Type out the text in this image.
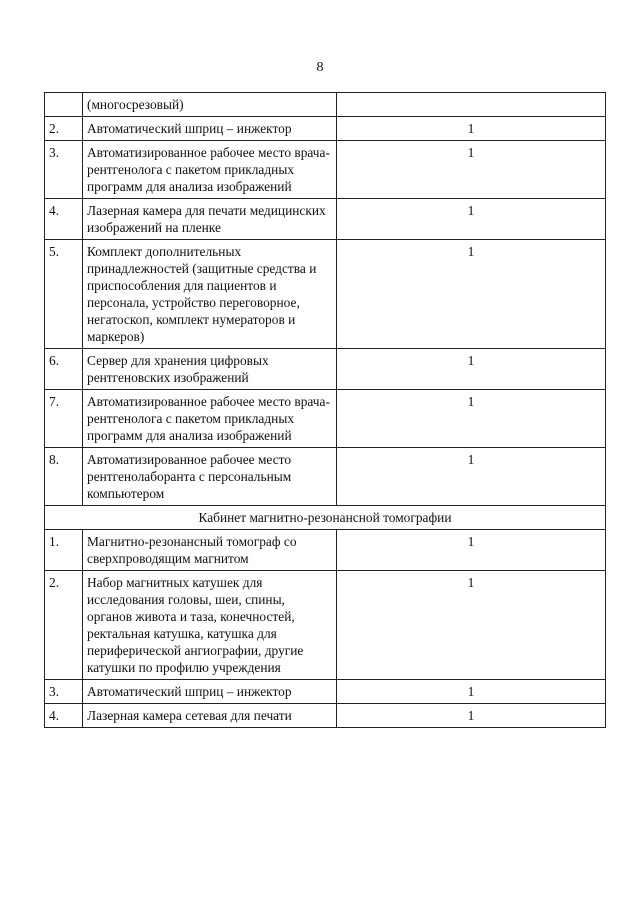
8
	(многосрезовый)	
2.	Автоматический шприц – инжектор	1
3.	Автоматизированное рабочее место врача-рентгенолога с пакетом прикладных программ для анализа изображений	1
4.	Лазерная камера для печати медицинских изображений на пленке	1
5.	Комплект дополнительных принадлежностей (защитные средства и приспособления для пациентов и персонала, устройство переговорное, негатоскоп, комплект нумераторов и маркеров)	1
6.	Сервер для хранения цифровых рентгеновских изображений	1
7.	Автоматизированное рабочее место врача-рентгенолога с пакетом прикладных программ для анализа изображений	1
8.	Автоматизированное рабочее место рентгенолаборанта с персональным компьютером	1
Кабинет магнитно-резонансной томографии		
1.	Магнитно-резонансный томограф со сверхпроводящим магнитом	1
2.	Набор магнитных катушек для исследования головы, шеи, спины, органов живота и таза, конечностей, ректальная катушка, катушка для периферической ангиографии, другие катушки по профилю учреждения	1
3.	Автоматический шприц – инжектор	1
4.	Лазерная камера сетевая для печати	1
